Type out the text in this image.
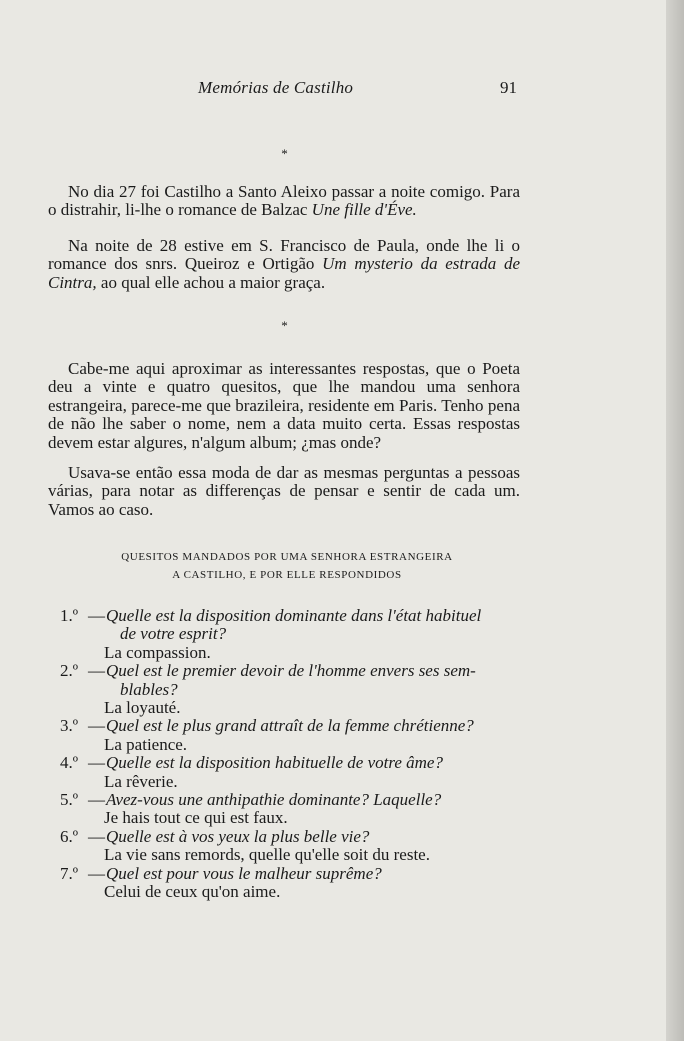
Memórias de Castilho	91
*

No dia 27 foi Castilho a Santo Aleixo passar a noite comigo. Para o distrahir, li-lhe o romance de Balzac Une fille d'Éve.

Na noite de 28 estive em S. Francisco de Paula, onde lhe li o romance dos snrs. Queiroz e Ortigão Um mysterio da estrada de Cintra, ao qual elle achou a maior graça.

*

Cabe-me aqui aproximar as interessantes respostas, que o Poeta deu a vinte e quatro quesitos, que lhe mandou uma senhora estrangeira, parece-me que brazileira, residente em Paris. Tenho pena de não lhe saber o nome, nem a data muito certa. Essas respostas devem estar algures, n'algum album; ¿mas onde?

Usava-se então essa moda de dar as mesmas perguntas a pessoas várias, para notar as differenças de pensar e sentir de cada um. Vamos ao caso.

QUESITOS MANDADOS POR UMA SENHORA ESTRANGEIRA
A CASTILHO, E POR ELLE RESPONDIDOS
1.º — Quelle est la disposition dominante dans l'état habituel
de votre esprit?
La compassion.
2.º — Quel est le premier devoir de l'homme envers ses sem-
blables?
La loyauté.
3.º — Quel est le plus grand attraît de la femme chrétienne?
La patience.
4.º — Quelle est la disposition habituelle de votre âme?
La rêverie.
5.º — Avez-vous une anthipathie dominante? Laquelle?
Je hais tout ce qui est faux.
6.º — Quelle est à vos yeux la plus belle vie?
La vie sans remords, quelle qu'elle soit du reste.
7.º — Quel est pour vous le malheur suprême?
Celui de ceux qu'on aime.
